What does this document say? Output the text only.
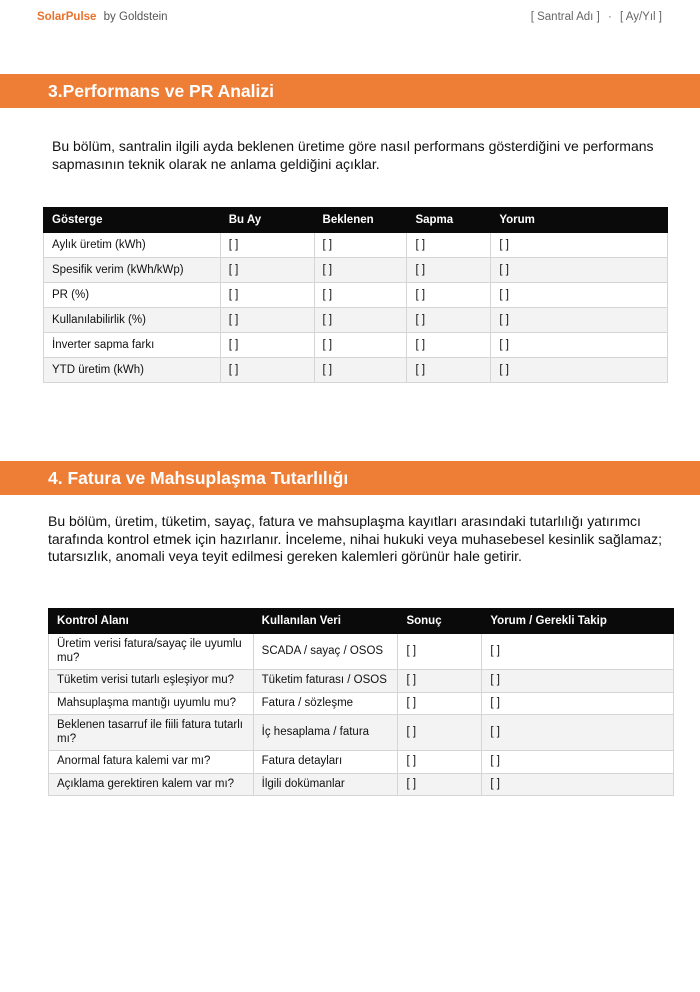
SolarPulse by Goldstein	[ Santral Adı ] · [ Ay/Yıl ]
3.Performans ve PR Analizi
Bu bölüm, santralin ilgili ayda beklenen üretime göre nasıl performans gösterdiğini ve performans sapmasının teknik olarak ne anlama geldiğini açıklar.
Gösterge	Bu Ay	Beklenen	Sapma	Yorum
Aylık üretim (kWh)	[ ]	[ ]	[ ]	[ ]
Spesifik verim (kWh/kWp)	[ ]	[ ]	[ ]	[ ]
PR (%)	[ ]	[ ]	[ ]	[ ]
Kullanılabilirlik (%)	[ ]	[ ]	[ ]	[ ]
İnverter sapma farkı	[ ]	[ ]	[ ]	[ ]
YTD üretim (kWh)	[ ]	[ ]	[ ]	[ ]
4. Fatura ve Mahsuplaşma Tutarlılığı
Bu bölüm, üretim, tüketim, sayaç, fatura ve mahsuplaşma kayıtları arasındaki tutarlılığı yatırımcı tarafında kontrol etmek için hazırlanır. İnceleme, nihai hukuki veya muhasebesel kesinlik sağlamaz; tutarsızlık, anomali veya teyit edilmesi gereken kalemleri görünür hale getirir.
Kontrol Alanı	Kullanılan Veri	Sonuç	Yorum / Gerekli Takip
Üretim verisi fatura/sayaç ile uyumlu mu?	SCADA / sayaç / OSOS	[ ]	[ ]
Tüketim verisi tutarlı eşleşiyor mu?	Tüketim faturası / OSOS	[ ]	[ ]
Mahsuplaşma mantığı uyumlu mu?	Fatura / sözleşme	[ ]	[ ]
Beklenen tasarruf ile fiili fatura tutarlı mı?	İç hesaplama / fatura	[ ]	[ ]
Anormal fatura kalemi var mı?	Fatura detayları	[ ]	[ ]
Açıklama gerektiren kalem var mı?	İlgili dokümanlar	[ ]	[ ]
